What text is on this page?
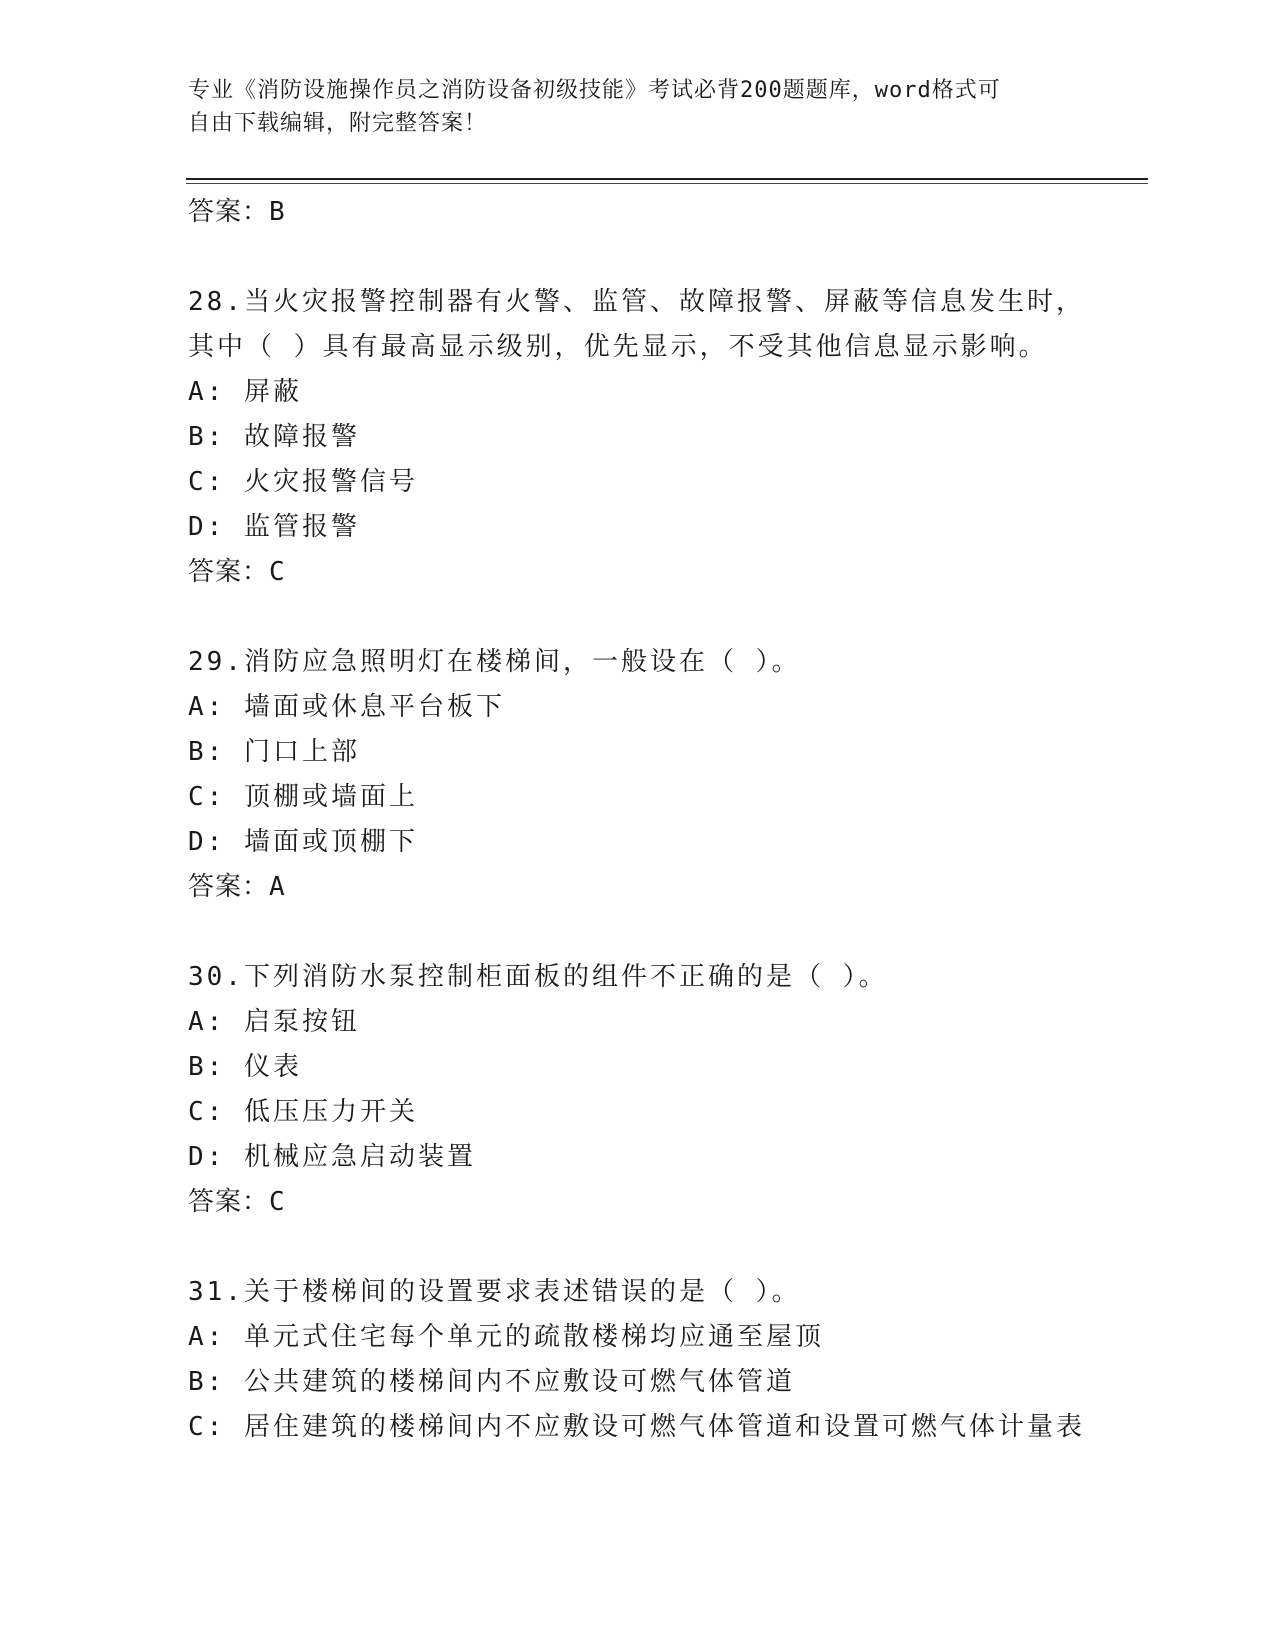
专业《消防设施操作员之消防设备初级技能》考试必背200题题库，word格式可
自由下载编辑，附完整答案！
答案：B
28.当火灾报警控制器有火警、监管、故障报警、屏蔽等信息发生时，
其中（ ）具有最高显示级别，优先显示，不受其他信息显示影响。
A: 屏蔽
B: 故障报警
C: 火灾报警信号
D: 监管报警
答案：C
29.消防应急照明灯在楼梯间，一般设在（ ）。
A: 墙面或休息平台板下
B: 门口上部
C: 顶棚或墙面上
D: 墙面或顶棚下
答案：A
30.下列消防水泵控制柜面板的组件不正确的是（ ）。
A: 启泵按钮
B: 仪表
C: 低压压力开关
D: 机械应急启动装置
答案：C
31.关于楼梯间的设置要求表述错误的是（ ）。
A: 单元式住宅每个单元的疏散楼梯均应通至屋顶
B: 公共建筑的楼梯间内不应敷设可燃气体管道
C: 居住建筑的楼梯间内不应敷设可燃气体管道和设置可燃气体计量表
